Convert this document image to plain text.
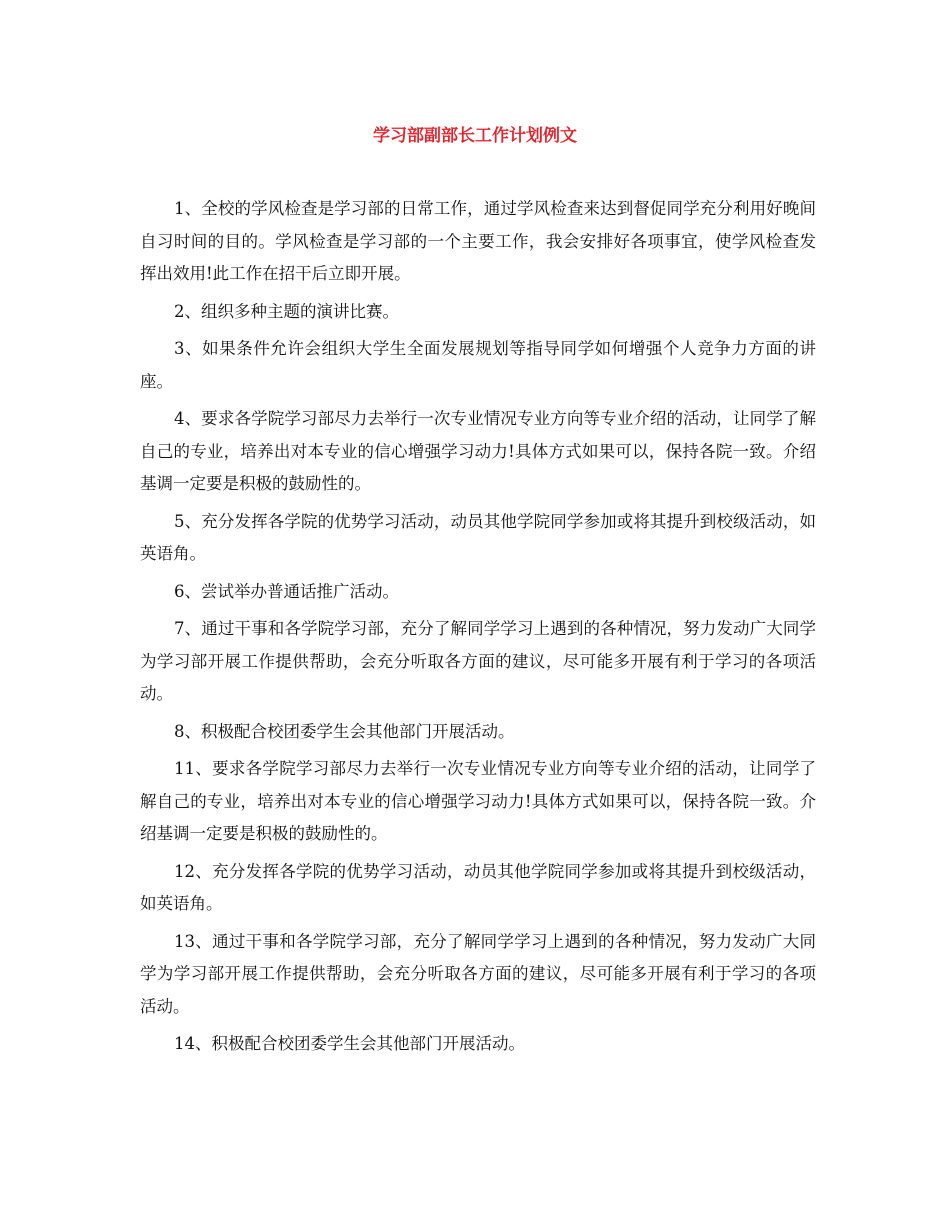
学习部副部长工作计划例文

1、全校的学风检查是学习部的日常工作，通过学风检查来达到督促同学充分利用好晚间自习时间的目的。学风检查是学习部的一个主要工作，我会安排好各项事宜，使学风检查发挥出效用!此工作在招干后立即开展。

2、组织多种主题的演讲比赛。

3、如果条件允许会组织大学生全面发展规划等指导同学如何增强个人竞争力方面的讲座。

4、要求各学院学习部尽力去举行一次专业情况专业方向等专业介绍的活动，让同学了解自己的专业，培养出对本专业的信心增强学习动力!具体方式如果可以，保持各院一致。介绍基调一定要是积极的鼓励性的。

5、充分发挥各学院的优势学习活动，动员其他学院同学参加或将其提升到校级活动，如英语角。

6、尝试举办普通话推广活动。

7、通过干事和各学院学习部，充分了解同学学习上遇到的各种情况，努力发动广大同学为学习部开展工作提供帮助，会充分听取各方面的建议，尽可能多开展有利于学习的各项活动。

8、积极配合校团委学生会其他部门开展活动。

11、要求各学院学习部尽力去举行一次专业情况专业方向等专业介绍的活动，让同学了解自己的专业，培养出对本专业的信心增强学习动力!具体方式如果可以，保持各院一致。介绍基调一定要是积极的鼓励性的。

12、充分发挥各学院的优势学习活动，动员其他学院同学参加或将其提升到校级活动，如英语角。

13、通过干事和各学院学习部，充分了解同学学习上遇到的各种情况，努力发动广大同学为学习部开展工作提供帮助，会充分听取各方面的建议，尽可能多开展有利于学习的各项活动。

14、积极配合校团委学生会其他部门开展活动。
